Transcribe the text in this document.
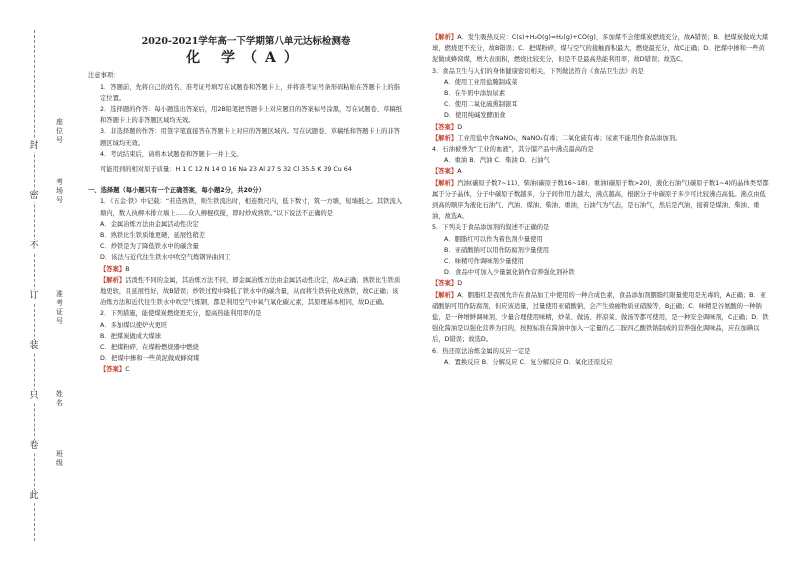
封
密
不
订
装
只
卷
此
座位号
考场号
准考证号
姓名
班级
2020-2021学年高一下学期第八单元达标检测卷
化 学（A）

注意事项：

1．答题前，先将自己的姓名、准考证号填写在试题卷和答题卡上，并将准考证号条形码粘贴在答题卡上的指定位置。

2．选择题的作答：每小题选出答案后，用2B铅笔把答题卡上对应题目的答案标号涂黑，写在试题卷、草稿纸和答题卡上的非答题区域均无效。

3．非选择题的作答：用签字笔直接答在答题卡上对应的答题区域内。写在试题卷、草稿纸和答题卡上的非答题区域均无效。

4．考试结束后，请将本试题卷和答题卡一并上交。

可能用到的相对原子质量：H 1 C 12 N 14 O 16 Na 23 Al 27 S 32 Cl 35.5 K 39 Cu 64

一、选择题（每小题只有一个正确答案，每小题2分，共20分）

1．《五金·铁》中记载：“若造熟铁，则生铁流出时，相连数尺内，低下数寸，筑一方塘，短墙抵之。其铁流入塘内，数人执柳木排立墙上……众人柳棍疾搅，即时炒成熟铁。”以下说法不正确的是

A．金属冶炼方法由金属活动性决定

B．熟铁比生铁质地更硬，延展性稍差

C．炒铁是为了降低铁水中的碳含量

D．该法与近代往生铁水中吹空气炼钢异曲同工

【答案】B

【解析】活泼性不同的金属，其冶炼方法不同，即金属冶炼方法由金属活动性决定，故A正确；熟铁比生铁质地更软，且延展性好，故B错误；炒铁过程中降低了铁水中的碳含量，从而将生铁转化成熟铁，故C正确；该冶炼方法和近代往生铁水中吹空气炼钢，都是利用空气中氧气氧化碳元素，其原理基本相同，故D正确。

2．下列措施，能使煤炭燃烧更充分，提高热能利用率的是

A．多加煤以使炉火更旺

B．把煤炭做成大煤球

C．把煤粉碎，在煤粉燃烧器中燃烧

D．把煤中掺和一些黄泥做成蜂窝煤

【答案】C

【解析】A．发生吸热反应：C(s)+H₂O(g)=H₂(g)+CO(g)，多加煤不会使煤炭燃烧充分，故A错误；B．把煤炭做成大煤球，燃烧更不充分，故B错误；C．把煤粉碎，煤与空气的接触面积最大，燃烧最充分，故C正确；D．把煤中掺和一些黄泥做成蜂窝煤，增大表面积，燃烧比较充分，但是不是最高热能利用率，故D错误；故选C。

3．食品卫生与人们的身体健康密切相关，下列做法符合《食品卫生法》的是

A．使用工业用盐腌制咸菜

B．在牛奶中添加尿素

C．使用二氧化硫熏制银耳

D．使用纯碱发酵面食

【答案】D

【解析】工业用盐中含NaNO₂，NaNO₂有毒；二氧化硫有毒；尿素不能用作食品添加剂。

4．石油被誉为“工业的血液”，其分馏产品中沸点最高的是

A．重油 B．汽油 C．柴油 D．石油气

【答案】A

【解析】汽油(碳原子数7~11)、柴油(碳原子数16~18)、重油(碳原子数>20)，液化石油气(碳原子数1~4)的晶体类型都属于分子晶体，分子中碳原子数越多，分子间作用力越大，沸点越高，根据分子中碳原子多少可比较沸点高低。沸点由低到高的顺序为液化石油气、汽油、煤油、柴油、重油，石油气为气态，是石油气，然后是汽油，接着是煤油、柴油、重油，故选A。

5．下列关于食品添加剂的叙述不正确的是

A．胭脂红可以作为着色剂少量使用

B．亚硝酸钠可以用作防腐剂少量使用

C．味精可作调味剂少量使用

D．食品中可加入少量氯化钠作营养强化剂补铁

【答案】D

【解析】A．胭脂红是我国允许在食品加工中使用的一种合成色素，食品添加剂胭脂红限量使用是无毒的，A正确；B．亚硝酸钠可用作防腐剂，但应该适量，过量使用亚硝酸钠，会产生致癌物质亚硝胺等，B正确；C．味精是谷氨酸的一种钠盐，是一种增鲜调味剂，少量合理使用味精，炒菜、做汤、拌凉菜、做汤等都可使用，是一种安全调味剂，C正确；D．铁强化酱油是以强化营养为目的，按照标准在酱油中加入一定量的乙二胺四乙酸铁钠制成的营养强化调味品，应在加碘以后，D错误；故选D。

6．热还原法冶炼金属的反应一定是

A．置换反应 B．分解反应 C．复分解反应 D．氧化还原反应
